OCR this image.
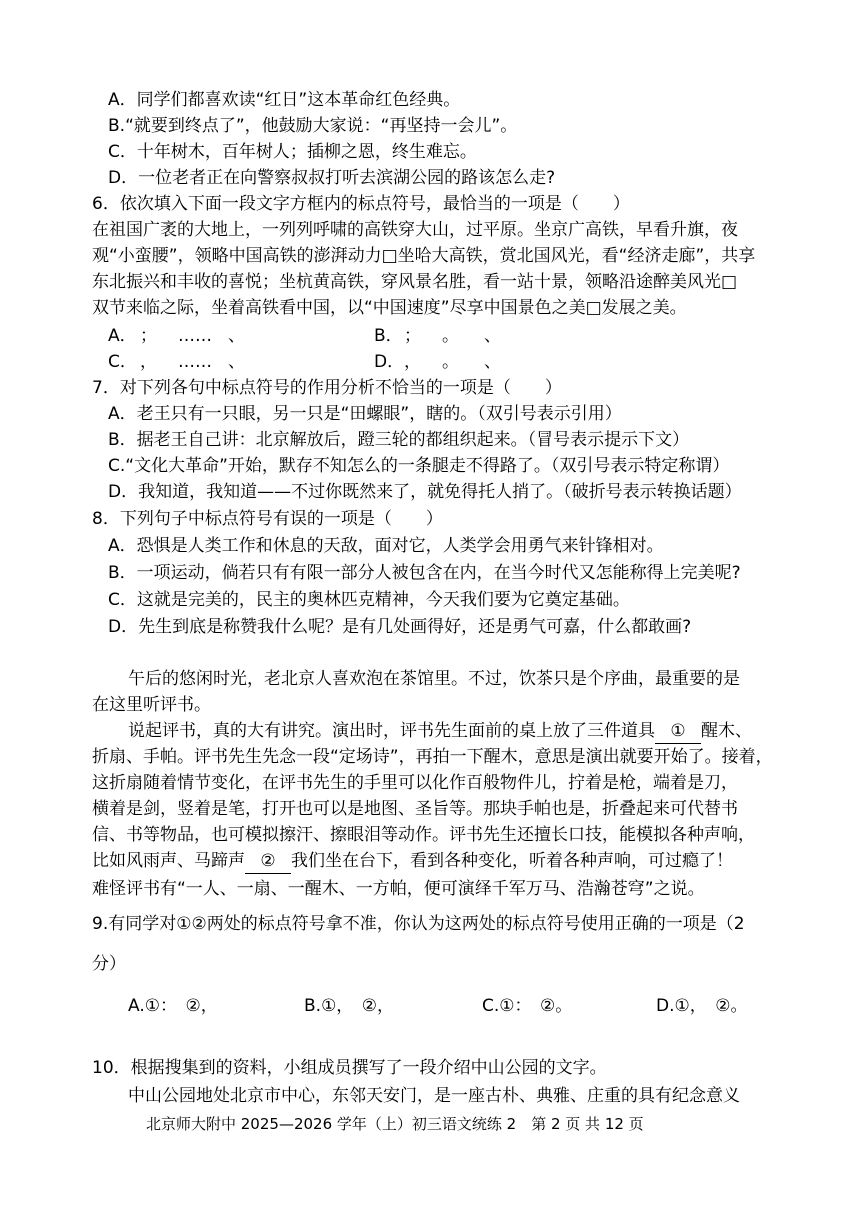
A．同学们都喜欢读“红日”这本革命红色经典。
B.“就要到终点了”，他鼓励大家说：“再坚持一会儿”。
C．十年树木，百年树人；插柳之恩，终生难忘。
D．一位老者正在向警察叔叔打听去滨湖公园的路该怎么走?
6．依次填入下面一段文字方框内的标点符号，最恰当的一项是（　　）
在祖国广袤的大地上，一列列呼啸的高铁穿大山，过平原。坐京广高铁，早看升旗，夜
观“小蛮腰”，领略中国高铁的澎湃动力□坐哈大高铁，赏北国风光，看“经济走廊”，共享
东北振兴和丰收的喜悦；坐杭黄高铁，穿风景名胜，看一站十景，领略沿途醉美风光□
双节来临之际，坐着高铁看中国，以“中国速度”尽享中国景色之美□发展之美。
A． ； …… 、	B． ； 。 、
C． ， …… 、	D． ， 。 、
7．对下列各句中标点符号的作用分析不恰当的一项是（　　）
A．老王只有一只眼，另一只是“田螺眼”，瞎的。（双引号表示引用）
B．据老王自己讲：北京解放后，蹬三轮的都组织起来。（冒号表示提示下文）
C.“文化大革命”开始，默存不知怎么的一条腿走不得路了。（双引号表示特定称谓）
D．我知道，我知道——不过你既然来了，就免得托人捎了。（破折号表示转换话题）
8．下列句子中标点符号有误的一项是（　　）
A．恐惧是人类工作和休息的天敌，面对它，人类学会用勇气来针锋相对。
B．一项运动，倘若只有有限一部分人被包含在内，在当今时代又怎能称得上完美呢?
C．这就是完美的，民主的奥林匹克精神，今天我们要为它奠定基础。
D．先生到底是称赞我什么呢？是有几处画得好，还是勇气可嘉，什么都敢画?
午后的悠闲时光，老北京人喜欢泡在茶馆里。不过，饮茶只是个序曲，最重要的是
在这里听评书。
说起评书，真的大有讲究。演出时，评书先生面前的桌上放了三件道具 ① 醒木、
折扇、手帕。评书先生先念一段“定场诗”，再拍一下醒木，意思是演出就要开始了。接着，
这折扇随着情节变化，在评书先生的手里可以化作百般物件儿，拧着是枪，端着是刀，
横着是剑，竖着是笔，打开也可以是地图、圣旨等。那块手帕也是，折叠起来可代替书
信、书等物品，也可模拟擦汗、擦眼泪等动作。评书先生还擅长口技，能模拟各种声响，
比如风雨声、马蹄声 ② 我们坐在台下，看到各种变化，听着各种声响，可过瘾了！
难怪评书有“一人、一扇、一醒木、一方帕，便可演绎千军万马、浩瀚苍穹”之说。
9.有同学对①②两处的标点符号拿不准，你认为这两处的标点符号使用正确的一项是（2
分）
A.①：　②，	B.①，　②，	C.①：　②。	D.①，　②。
10．根据搜集到的资料，小组成员撰写了一段介绍中山公园的文字。
中山公园地处北京市中心，东邻天安门，是一座古朴、典雅、庄重的具有纪念意义
北京师大附中 2025—2026 学年（上）初三语文统练 2　第 2 页 共 12 页
